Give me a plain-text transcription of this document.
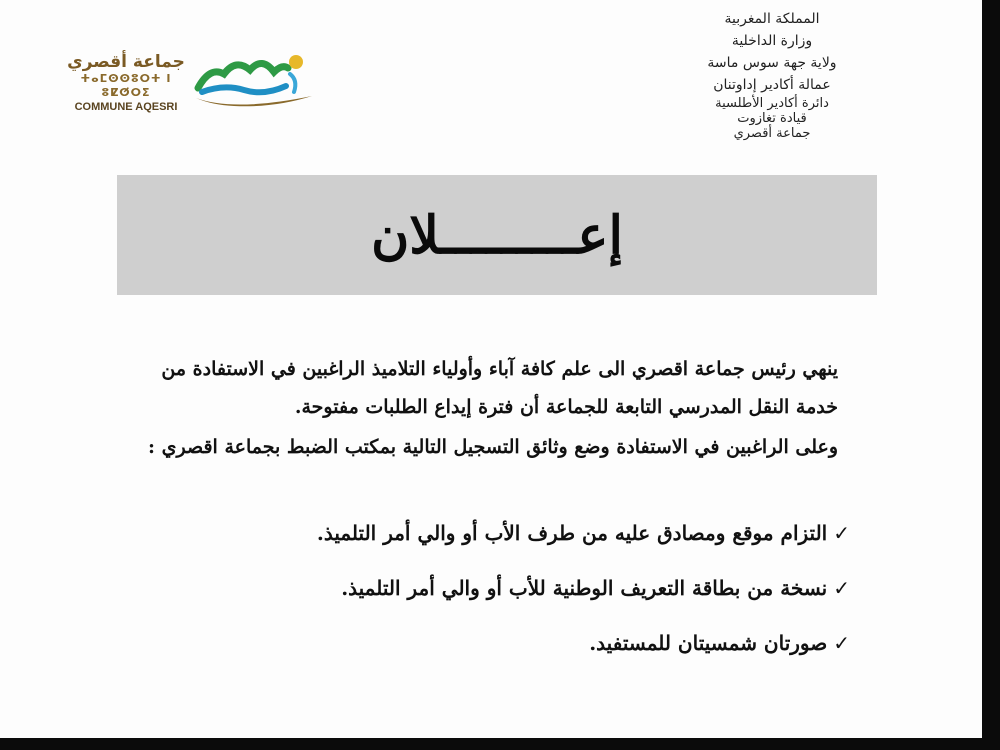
المملكة المغربية
وزارة الداخلية
ولاية جهة سوس ماسة
عمالة أكادير إداوتنان
دائرة أكادير الأطلسية
قيادة تغازوت
جماعة أقصري
جماعة أقصري
ⵜⴰⵎⵙⵙⵓⵔⵜ ⵏ ⵓⵇⵚⵔⵉ
COMMUNE AQESRI
إعـــــــــلان
ينهي رئيس جماعة اقصري الى علم كافة آباء وأولياء التلاميذ الراغبين في الاستفادة من خدمة النقل المدرسي التابعة للجماعة أن فترة إيداع الطلبات مفتوحة.
وعلى الراغبين في الاستفادة وضع وثائق التسجيل التالية بمكتب الضبط بجماعة اقصري :
✓
التزام موقع ومصادق عليه من طرف الأب أو والي أمر التلميذ.
✓
نسخة من بطاقة التعريف الوطنية للأب أو والي أمر التلميذ.
✓
صورتان شمسيتان للمستفيد.
